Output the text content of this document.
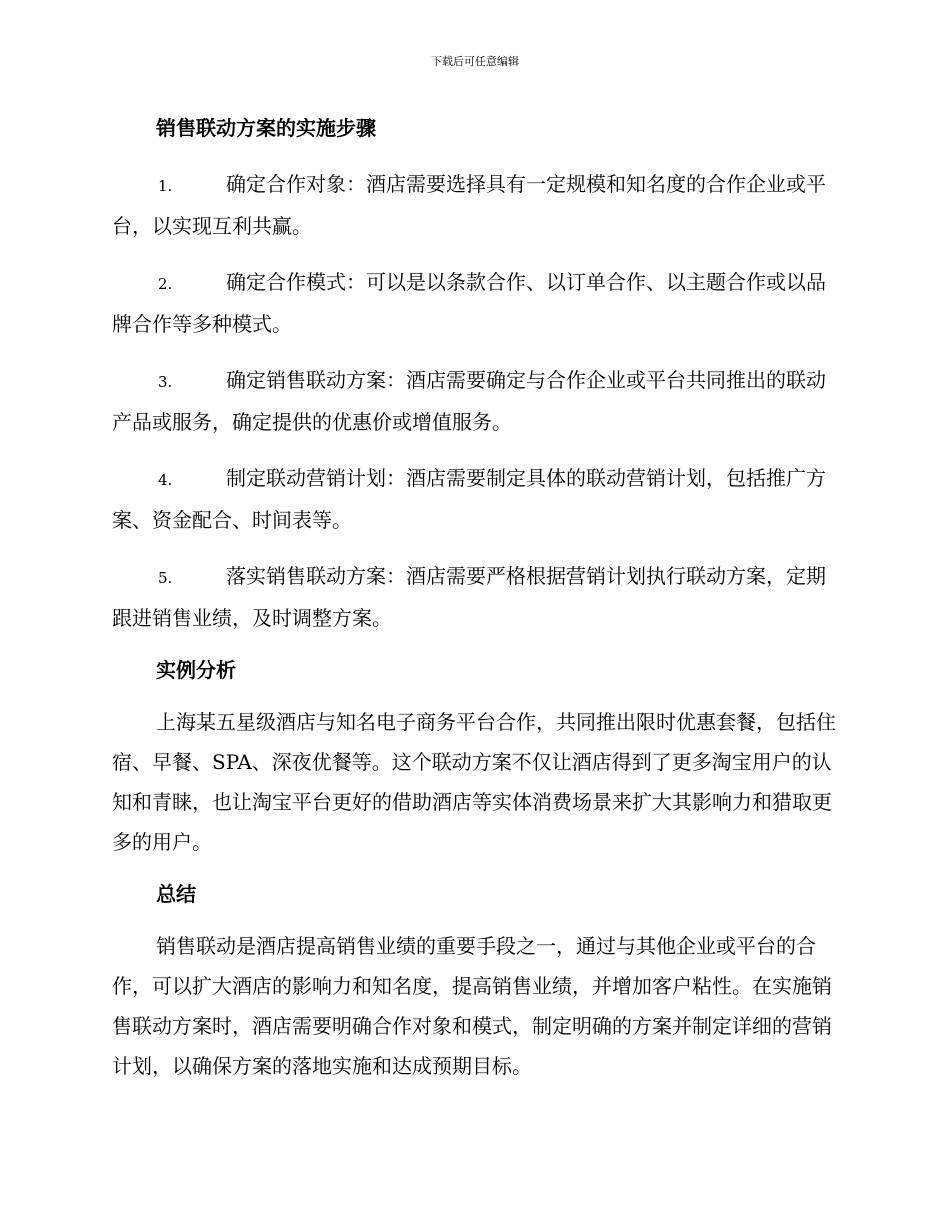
下载后可任意编辑
销售联动方案的实施步骤

1.	确定合作对象：酒店需要选择具有一定规模和知名度的合作企业或平台，以实现互利共赢。

2.	确定合作模式：可以是以条款合作、以订单合作、以主题合作或以品牌合作等多种模式。

3.	确定销售联动方案：酒店需要确定与合作企业或平台共同推出的联动产品或服务，确定提供的优惠价或增值服务。

4.	制定联动营销计划：酒店需要制定具体的联动营销计划，包括推广方案、资金配合、时间表等。

5.	落实销售联动方案：酒店需要严格根据营销计划执行联动方案，定期跟进销售业绩，及时调整方案。

实例分析

上海某五星级酒店与知名电子商务平台合作，共同推出限时优惠套餐，包括住宿、早餐、SPA、深夜优餐等。这个联动方案不仅让酒店得到了更多淘宝用户的认知和青睐，也让淘宝平台更好的借助酒店等实体消费场景来扩大其影响力和猎取更多的用户。

总结

销售联动是酒店提高销售业绩的重要手段之一，通过与其他企业或平台的合作，可以扩大酒店的影响力和知名度，提高销售业绩，并增加客户粘性。在实施销售联动方案时，酒店需要明确合作对象和模式，制定明确的方案并制定详细的营销计划，以确保方案的落地实施和达成预期目标。
